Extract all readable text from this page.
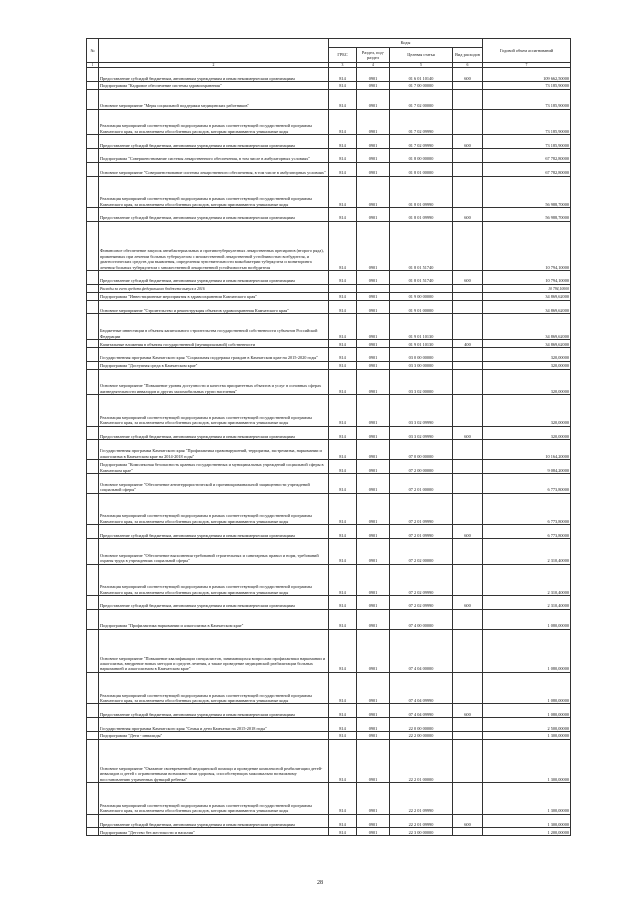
№		Коды				Годовой объем ассигнований
		ГРБС	Раздел, под-раздел	Целевая статья	Вид расходов	
1	2	3	4	5	6	7
	Предоставление субсидий бюджетным, автономным учреждениям и иным некоммерческим организациям	814	0901	01 6 01 10140	600	109 662,50000
	Подпрограмма "Кадровое обеспечение системы здравоохранения"	814	0901	01 7 00 00000		73 185,90000
	Основное мероприятие "Меры социальной поддержки медицинских работников"	814	0901	01 7 02 00000		73 185,90000
	Реализация мероприятий соответствующей подпрограммы в рамках соответствующей государственной программы Камчатского края, за исключением обособленных расходов, которым присваиваются уникальные коды	814	0901	01 7 02 09990		73 185,90000
	Предоставление субсидий бюджетным, автономным учреждениям и иным некоммерческим организациям	814	0901	01 7 02 09990	600	73 185,90000
	Подпрограмма "Совершенствование системы лекарственного обеспечения, в том числе в амбулаторных условиях"	814	0901	01 8 00 00000		67 782,80000
	Основное мероприятие "Совершенствование системы лекарственного обеспечения, в том числе в амбулаторных условиях"	814	0901	01 8 01 00000		67 782,80000
	Реализация мероприятий соответствующей подпрограммы в рамках соответствующей государственной программы Камчатского края, за исключением обособленных расходов, которым присваиваются уникальные коды	814	0901	01 8 01 09990		56 988,70000
	Предоставление субсидий бюджетным, автономным учреждениям и иным некоммерческим организациям	814	0901	01 8 01 09990	600	56 988,70000
	Финансовое обеспечение закупок антибактериальных и противотуберкулезных лекарственных препаратов (второго ряда), применяемых при лечении больных туберкулезом с множественной лекарственной устойчивостью возбудителя, и диагностических средств для выявления, определения чувствительности микобактерии туберкулеза и мониторинга лечения больных туберкулезом с множественной лекарственной устойчивостью возбудителя	814	0901	01 8 01 51740		10 794,10000
	Предоставление субсидий бюджетным, автономным учреждениям и иным некоммерческим организациям	814	0901	01 8 01 51740	600	10 794,10000
	Расходы за счет средств федерального бюджета выпуск в 2016					10 794,10000
	Подпрограмма "Инвестиционные мероприятия в здравоохранении Камчатского края"	814	0901	01 9 00 00000		34 869,62000
	Основное мероприятие "Строительство и реконструкция объектов здравоохранения Камчатского края"	814	0901	01 9 01 00000		34 869,62000
	Бюджетные инвестиции в объекты капитального строительства государственной собственности субъектов Российской Федерации	814	0901	01 9 01 10130		34 869,62000
	Капитальные вложения в объекты государственной (муниципальной) собственности	814	0901	01 9 01 10130	400	34 869,62000
	Государственная программа Камчатского края "Социальная поддержка граждан в Камчатском крае на 2015-2020 годы"	814	0901	03 0 00 00000		320,00000
	Подпрограмма "Доступная среда в Камчатском крае"	814	0901	03 3 00 00000		320,00000
	Основное мероприятие "Повышение уровня доступности и качества приоритетных объектов и услуг в основных сферах жизнедеятельности инвалидов и других маломобильных групп населения"	814	0901	03 3 02 00000		320,00000
	Реализация мероприятий соответствующей подпрограммы в рамках соответствующей государственной программы Камчатского края, за исключением обособленных расходов, которым присваиваются уникальные коды	814	0901	03 3 02 09990		320,00000
	Предоставление субсидий бюджетным, автономным учреждениям и иным некоммерческим организациям	814	0901	03 3 02 09990	600	320,00000
	Государственная программа Камчатского края "Профилактика правонарушений, терроризма, экстремизма, наркомании и алкоголизма в Камчатском крае на 2014-2018 годы"	814	0901	07 0 00 00000		10 164,20000
	Подпрограмма "Комплексная безопасность краевых государственных и муниципальных учреждений социальной сферы в Камчатском крае"	814	0901	07 2 00 00000		9 084,20000
	Основное мероприятие "Обеспечение антитеррористической и противокриминальной защищенности учреждений социальной сферы"	814	0901	07 2 01 00000		6 773,80000
	Реализация мероприятий соответствующей подпрограммы в рамках соответствующей государственной программы Камчатского края, за исключением обособленных расходов, которым присваиваются уникальные коды	814	0901	07 2 01 09990		6 773,80000
	Предоставление субсидий бюджетным, автономным учреждениям и иным некоммерческим организациям	814	0901	07 2 01 09990	600	6 773,80000
	Основное мероприятие "Обеспечение выполнения требований строительных и санитарных правил и норм, требований охраны труда в учреждениях социальной сферы"	814	0901	07 2 02 00000		2 310,40000
	Реализация мероприятий соответствующей подпрограммы в рамках соответствующей государственной программы Камчатского края, за исключением обособленных расходов, которым присваиваются уникальные коды	814	0901	07 2 02 09990		2 310,40000
	Предоставление субсидий бюджетным, автономным учреждениям и иным некоммерческим организациям	814	0901	07 2 02 09990	600	2 310,40000
	Подпрограмма "Профилактика наркомании и алкоголизма в Камчатском крае"	814	0901	07 4 00 00000		1 080,00000
	Основное мероприятие "Повышение квалификации специалистов, занимающихся вопросами профилактики наркомании и алкоголизма, внедрение новых методов и средств лечения, а также проведение медицинской реабилитации больных наркоманией и алкоголизмом в Камчатском крае"	814	0901	07 4 04 00000		1 080,00000
	Реализация мероприятий соответствующей подпрограммы в рамках соответствующей государственной программы Камчатского края, за исключением обособленных расходов, которым присваиваются уникальные коды	814	0901	07 4 04 09990		1 080,00000
	Предоставление субсидий бюджетным, автономным учреждениям и иным некоммерческим организациям	814	0901	07 4 04 09990	600	1 080,00000
	Государственная программа Камчатского края "Семья и дети Камчатки на 2015-2018 годы"	814	0901	22 0 00 00000		2 500,00000
	Подпрограмма "Дети - инвалиды"	814	0901	22 2 00 00000		1 300,00000
	Основное мероприятие "Оказание своевременной медицинской помощи и проведение комплексной реабилитации детей-инвалидов и детей с ограниченными возможностями здоровья, способствующих максимально возможному восстановлению утраченных функций ребенка"	814	0901	22 2 01 00000		1 300,00000
	Реализация мероприятий соответствующей подпрограммы в рамках соответствующей государственной программы Камчатского края, за исключением обособленных расходов, которым присваиваются уникальные коды	814	0901	22 2 01 09990		1 300,00000
	Предоставление субсидий бюджетным, автономным учреждениям и иным некоммерческим организациям	814	0901	22 2 01 09990	600	1 300,00000
	Подпрограмма "Детство без жестокости и насилия"	814	0901	22 3 00 00000		1 200,00000
28
